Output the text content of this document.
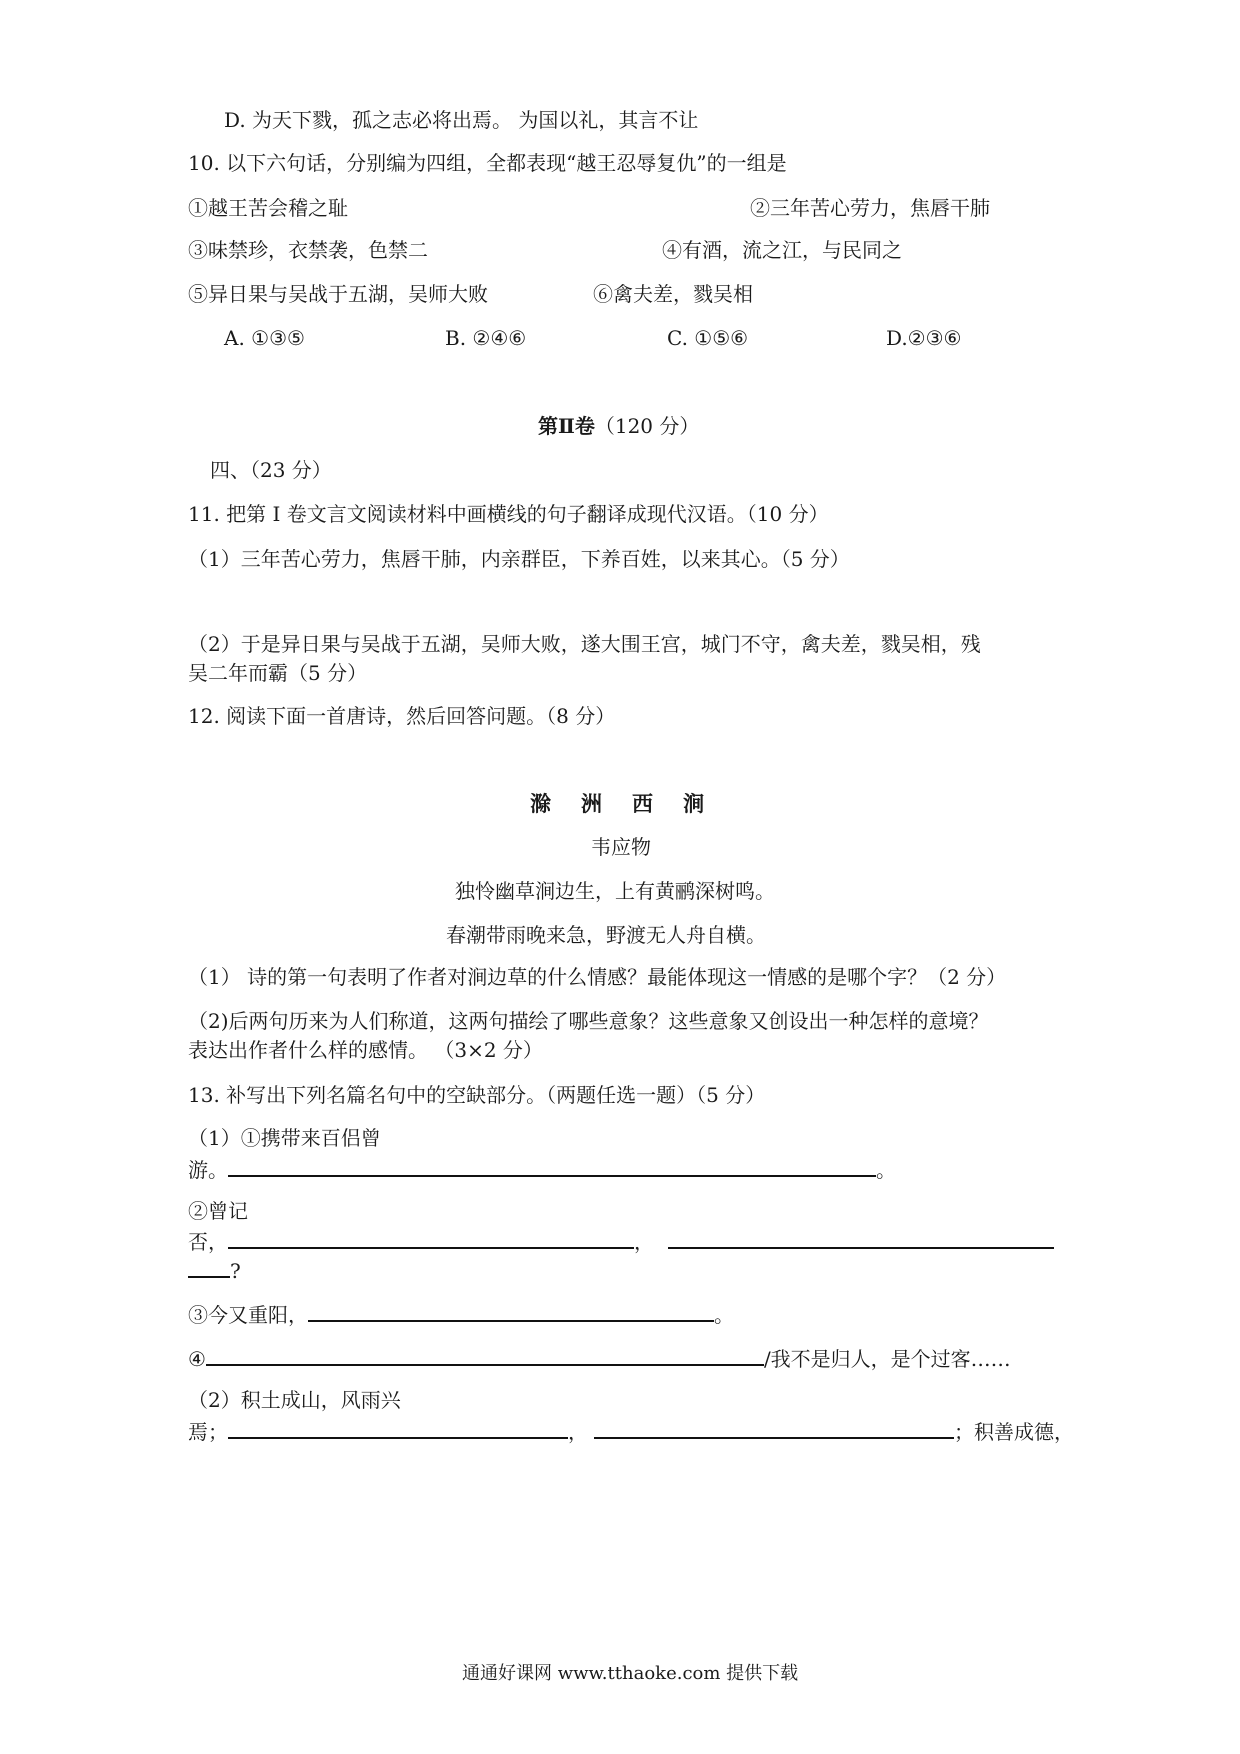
D. 为天下戮，孤之志必将出焉。 为国以礼，其言不让
10. 以下六句话，分别编为四组，全都表现“越王忍辱复仇”的一组是
①越王苦会稽之耻	②三年苦心劳力，焦唇干肺
③味禁珍，衣禁袭，色禁二	④有酒，流之江，与民同之
⑤异日果与吴战于五湖，吴师大败	⑥禽夫差，戮吴相
A. ①③⑤	B. ②④⑥	C. ①⑤⑥	D.②③⑥
第Ⅱ卷（120 分）
四、（23 分）
11. 把第 I 卷文言文阅读材料中画横线的句子翻译成现代汉语。（10 分）
（1）三年苦心劳力，焦唇干肺，内亲群臣，下养百姓，以来其心。（5 分）
（2）于是异日果与吴战于五湖，吴师大败，遂大围王宫，城门不守，禽夫差，戮吴相，残
吴二年而霸（5 分）
12. 阅读下面一首唐诗，然后回答问题。（8 分）
滁 洲 西 涧
韦应物
独怜幽草涧边生，上有黄鹂深树鸣。
春潮带雨晚来急，野渡无人舟自横。
（1） 诗的第一句表明了作者对涧边草的什么情感？最能体现这一情感的是哪个字？（2 分）
（2)后两句历来为人们称道，这两句描绘了哪些意象？这些意象又创设出一种怎样的意境？
表达出作者什么样的感情。 （3×2 分）
13. 补写出下列名篇名句中的空缺部分。（两题任选一题）（5 分）
（1）①携带来百侣曾
游。	。
②曾记
否，	，
?
③今又重阳，	。
④	/我不是归人，是个过客……
（2）积土成山，风雨兴
焉；	，	；积善成德，
通通好课网 www.tthaoke.com 提供下载
